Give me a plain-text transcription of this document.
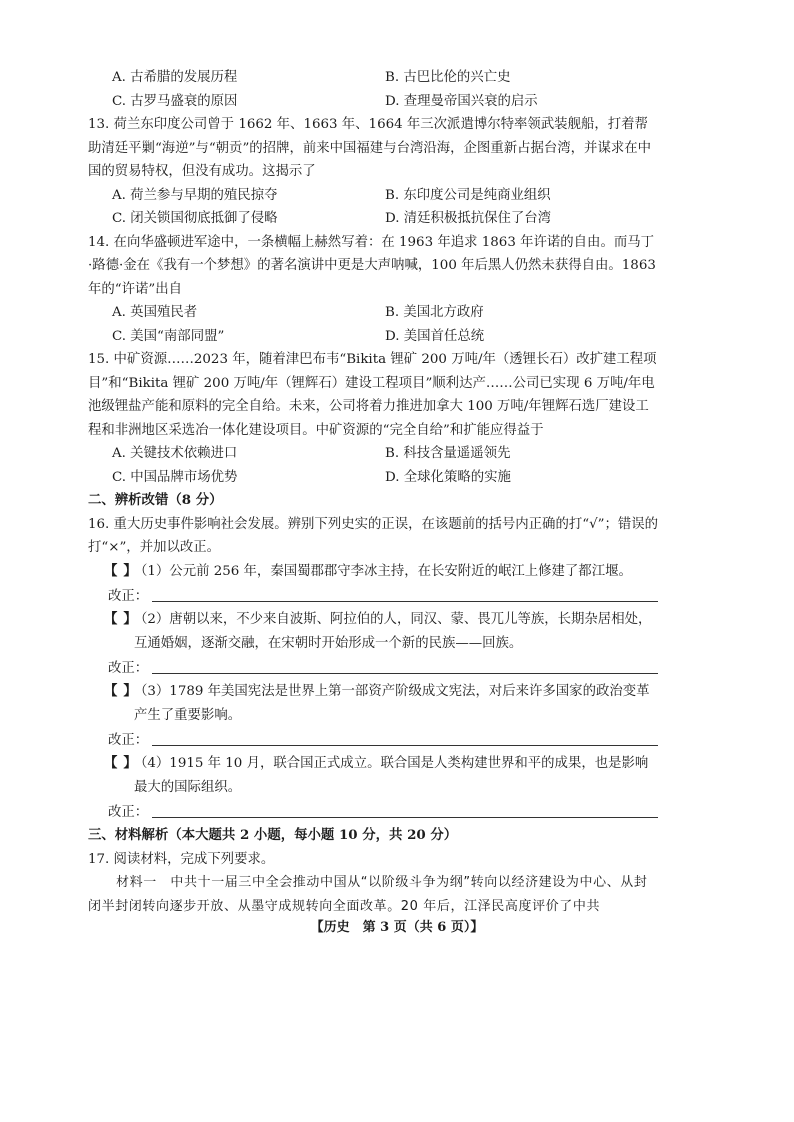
A. 古希腊的发展历程	B. 古巴比伦的兴亡史
C. 古罗马盛衰的原因	D. 查理曼帝国兴衰的启示
13. 荷兰东印度公司曾于 1662 年、1663 年、1664 年三次派遣博尔特率领武装舰船，打着帮助清廷平剿“海逆”与“朝贡”的招牌，前来中国福建与台湾沿海，企图重新占据台湾，并谋求在中国的贸易特权，但没有成功。这揭示了
A. 荷兰参与早期的殖民掠夺	B. 东印度公司是纯商业组织
C. 闭关锁国彻底抵御了侵略	D. 清廷积极抵抗保住了台湾
14. 在向华盛顿进军途中，一条横幅上赫然写着：在 1963 年追求 1863 年许诺的自由。而马丁·路德·金在《我有一个梦想》的著名演讲中更是大声呐喊，100 年后黑人仍然未获得自由。1863 年的“许诺”出自
A. 英国殖民者	B. 美国北方政府
C. 美国“南部同盟”	D. 美国首任总统
15. 中矿资源……2023 年，随着津巴布韦“Bikita 锂矿 200 万吨/年（透锂长石）改扩建工程项目”和“Bikita 锂矿 200 万吨/年（锂辉石）建设工程项目”顺利达产……公司已实现 6 万吨/年电池级锂盐产能和原料的完全自给。未来，公司将着力推进加拿大 100 万吨/年锂辉石选厂建设工程和非洲地区采选冶一体化建设项目。中矿资源的“完全自给”和扩能应得益于
A. 关键技术依赖进口	B. 科技含量遥遥领先
C. 中国品牌市场优势	D. 全球化策略的实施
二、辨析改错（8 分）
16. 重大历史事件影响社会发展。辨别下列史实的正误，在该题前的括号内正确的打“√”；错误的打“×”，并加以改正。
【】
（1）公元前 256 年，秦国蜀郡郡守李冰主持，在长安附近的岷江上修建了都江堰。
改正：
【】
（2）唐朝以来，不少来自波斯、阿拉伯的人，同汉、蒙、畏兀儿等族，长期杂居相处，互通婚姻，逐渐交融，在宋朝时开始形成一个新的民族——回族。
改正：
【】
（3）1789 年美国宪法是世界上第一部资产阶级成文宪法，对后来许多国家的政治变革产生了重要影响。
改正：
【】
（4）1915 年 10 月，联合国正式成立。联合国是人类构建世界和平的成果，也是影响最大的国际组织。
改正：
三、材料解析（本大题共 2 小题，每小题 10 分，共 20 分）
17. 阅读材料，完成下列要求。
材料一　中共十一届三中全会推动中国从“以阶级斗争为纲”转向以经济建设为中心、从封闭半封闭转向逐步开放、从墨守成规转向全面改革。20 年后，江泽民高度评价了中共
【历史　第 3 页（共 6 页）】
